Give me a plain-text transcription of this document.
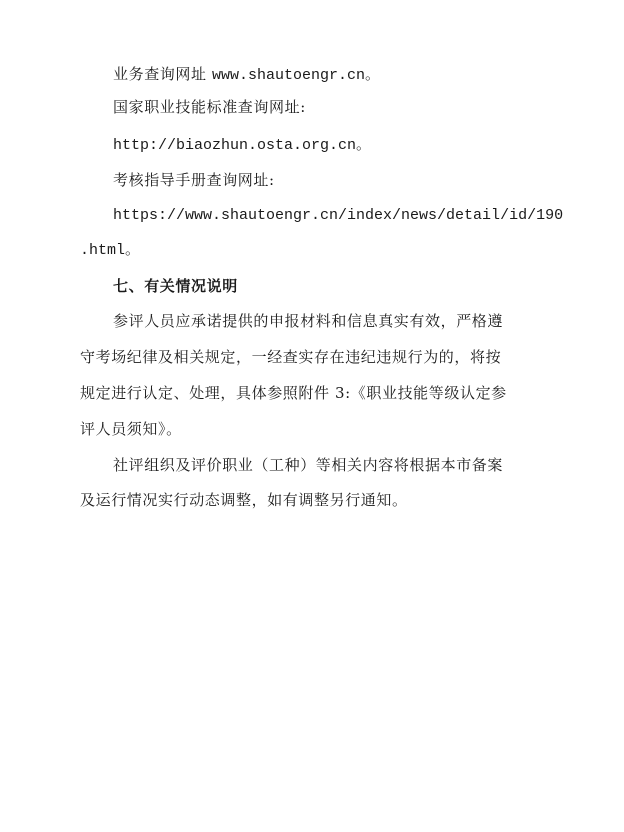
业务查询网址 www.shautoengr.cn。
国家职业技能标准查询网址:
http://biaozhun.osta.org.cn。
考核指导手册查询网址:
https://www.shautoengr.cn/index/news/detail/id/190
.html。
七、有关情况说明
参评人员应承诺提供的申报材料和信息真实有效，严格遵
守考场纪律及相关规定，一经查实存在违纪违规行为的，将按
规定进行认定、处理，具体参照附件 3:《职业技能等级认定参
评人员须知》。
社评组织及评价职业（工种）等相关内容将根据本市备案
及运行情况实行动态调整，如有调整另行通知。
